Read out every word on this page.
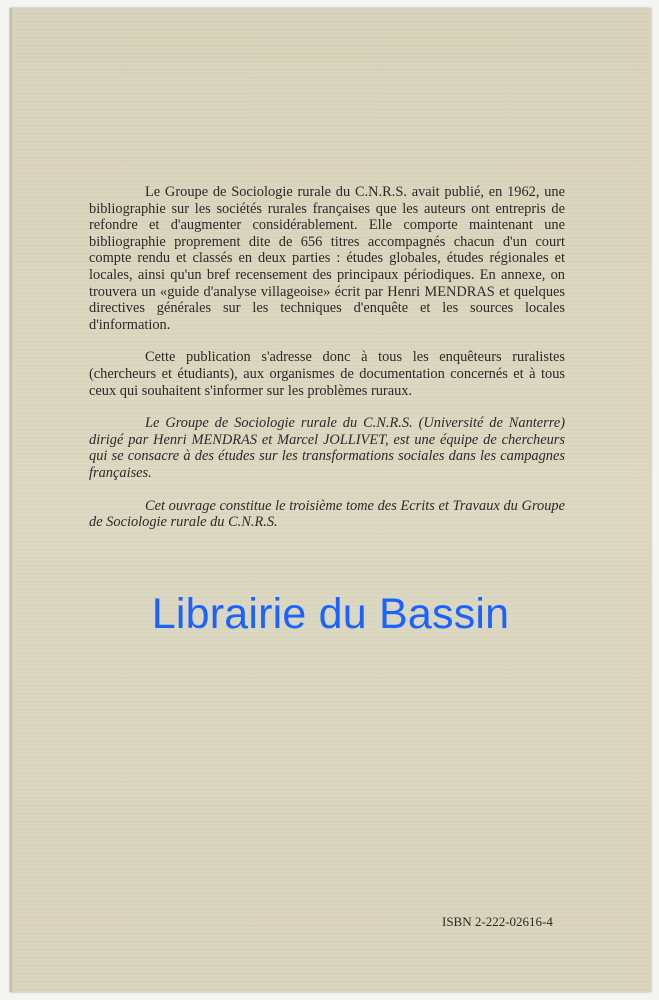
Le Groupe de Sociologie rurale du C.N.R.S. avait publié, en 1962, une bibliographie sur les sociétés rurales françaises que les auteurs ont entrepris de refondre et d'augmenter considérablement. Elle comporte maintenant une bibliographie proprement dite de 656 titres accompagnés chacun d'un court compte rendu et classés en deux parties : études globales, études régionales et locales, ainsi qu'un bref recensement des principaux périodiques. En annexe, on trouvera un «guide d'analyse villageoise» écrit par Henri MENDRAS et quelques directives générales sur les techniques d'enquête et les sources locales d'information.

Cette publication s'adresse donc à tous les enquêteurs ruralistes (chercheurs et étudiants), aux organismes de documentation concernés et à tous ceux qui souhaitent s'informer sur les problèmes ruraux.

Le Groupe de Sociologie rurale du C.N.R.S. (Université de Nanterre) dirigé par Henri MENDRAS et Marcel JOLLIVET, est une équipe de chercheurs qui se consacre à des études sur les transformations sociales dans les campagnes françaises.

Cet ouvrage constitue le troisième tome des Ecrits et Travaux du Groupe de Sociologie rurale du C.N.R.S.

Librairie du Bassin
ISBN 2-222-02616-4
